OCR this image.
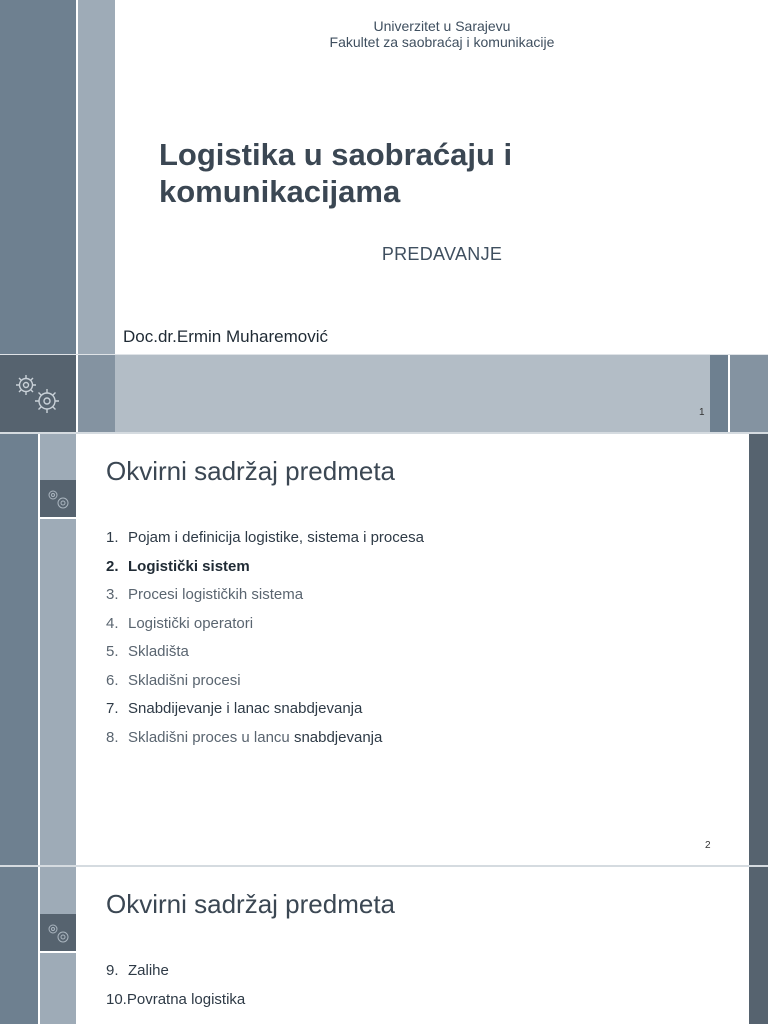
Univerzitet u Sarajevu
Fakultet za saobraćaj i komunikacije
Logistika u saobraćaju i
komunikacijama
PREDAVANJE
Doc.dr.Ermin Muharemović
1
Okvirni sadržaj predmeta
1. Pojam i definicija logistike, sistema i procesa
2. Logistički sistem
3. Procesi logističkih sistema
4. Logistički operatori
5. Skladišta
6. Skladišni procesi
7. Snabdijevanje i lanac snabdjevanja
8. Skladišni proces u lancu snabdjevanja
2
Okvirni sadržaj predmeta
9. Zalihe
10.Povratna logistika
